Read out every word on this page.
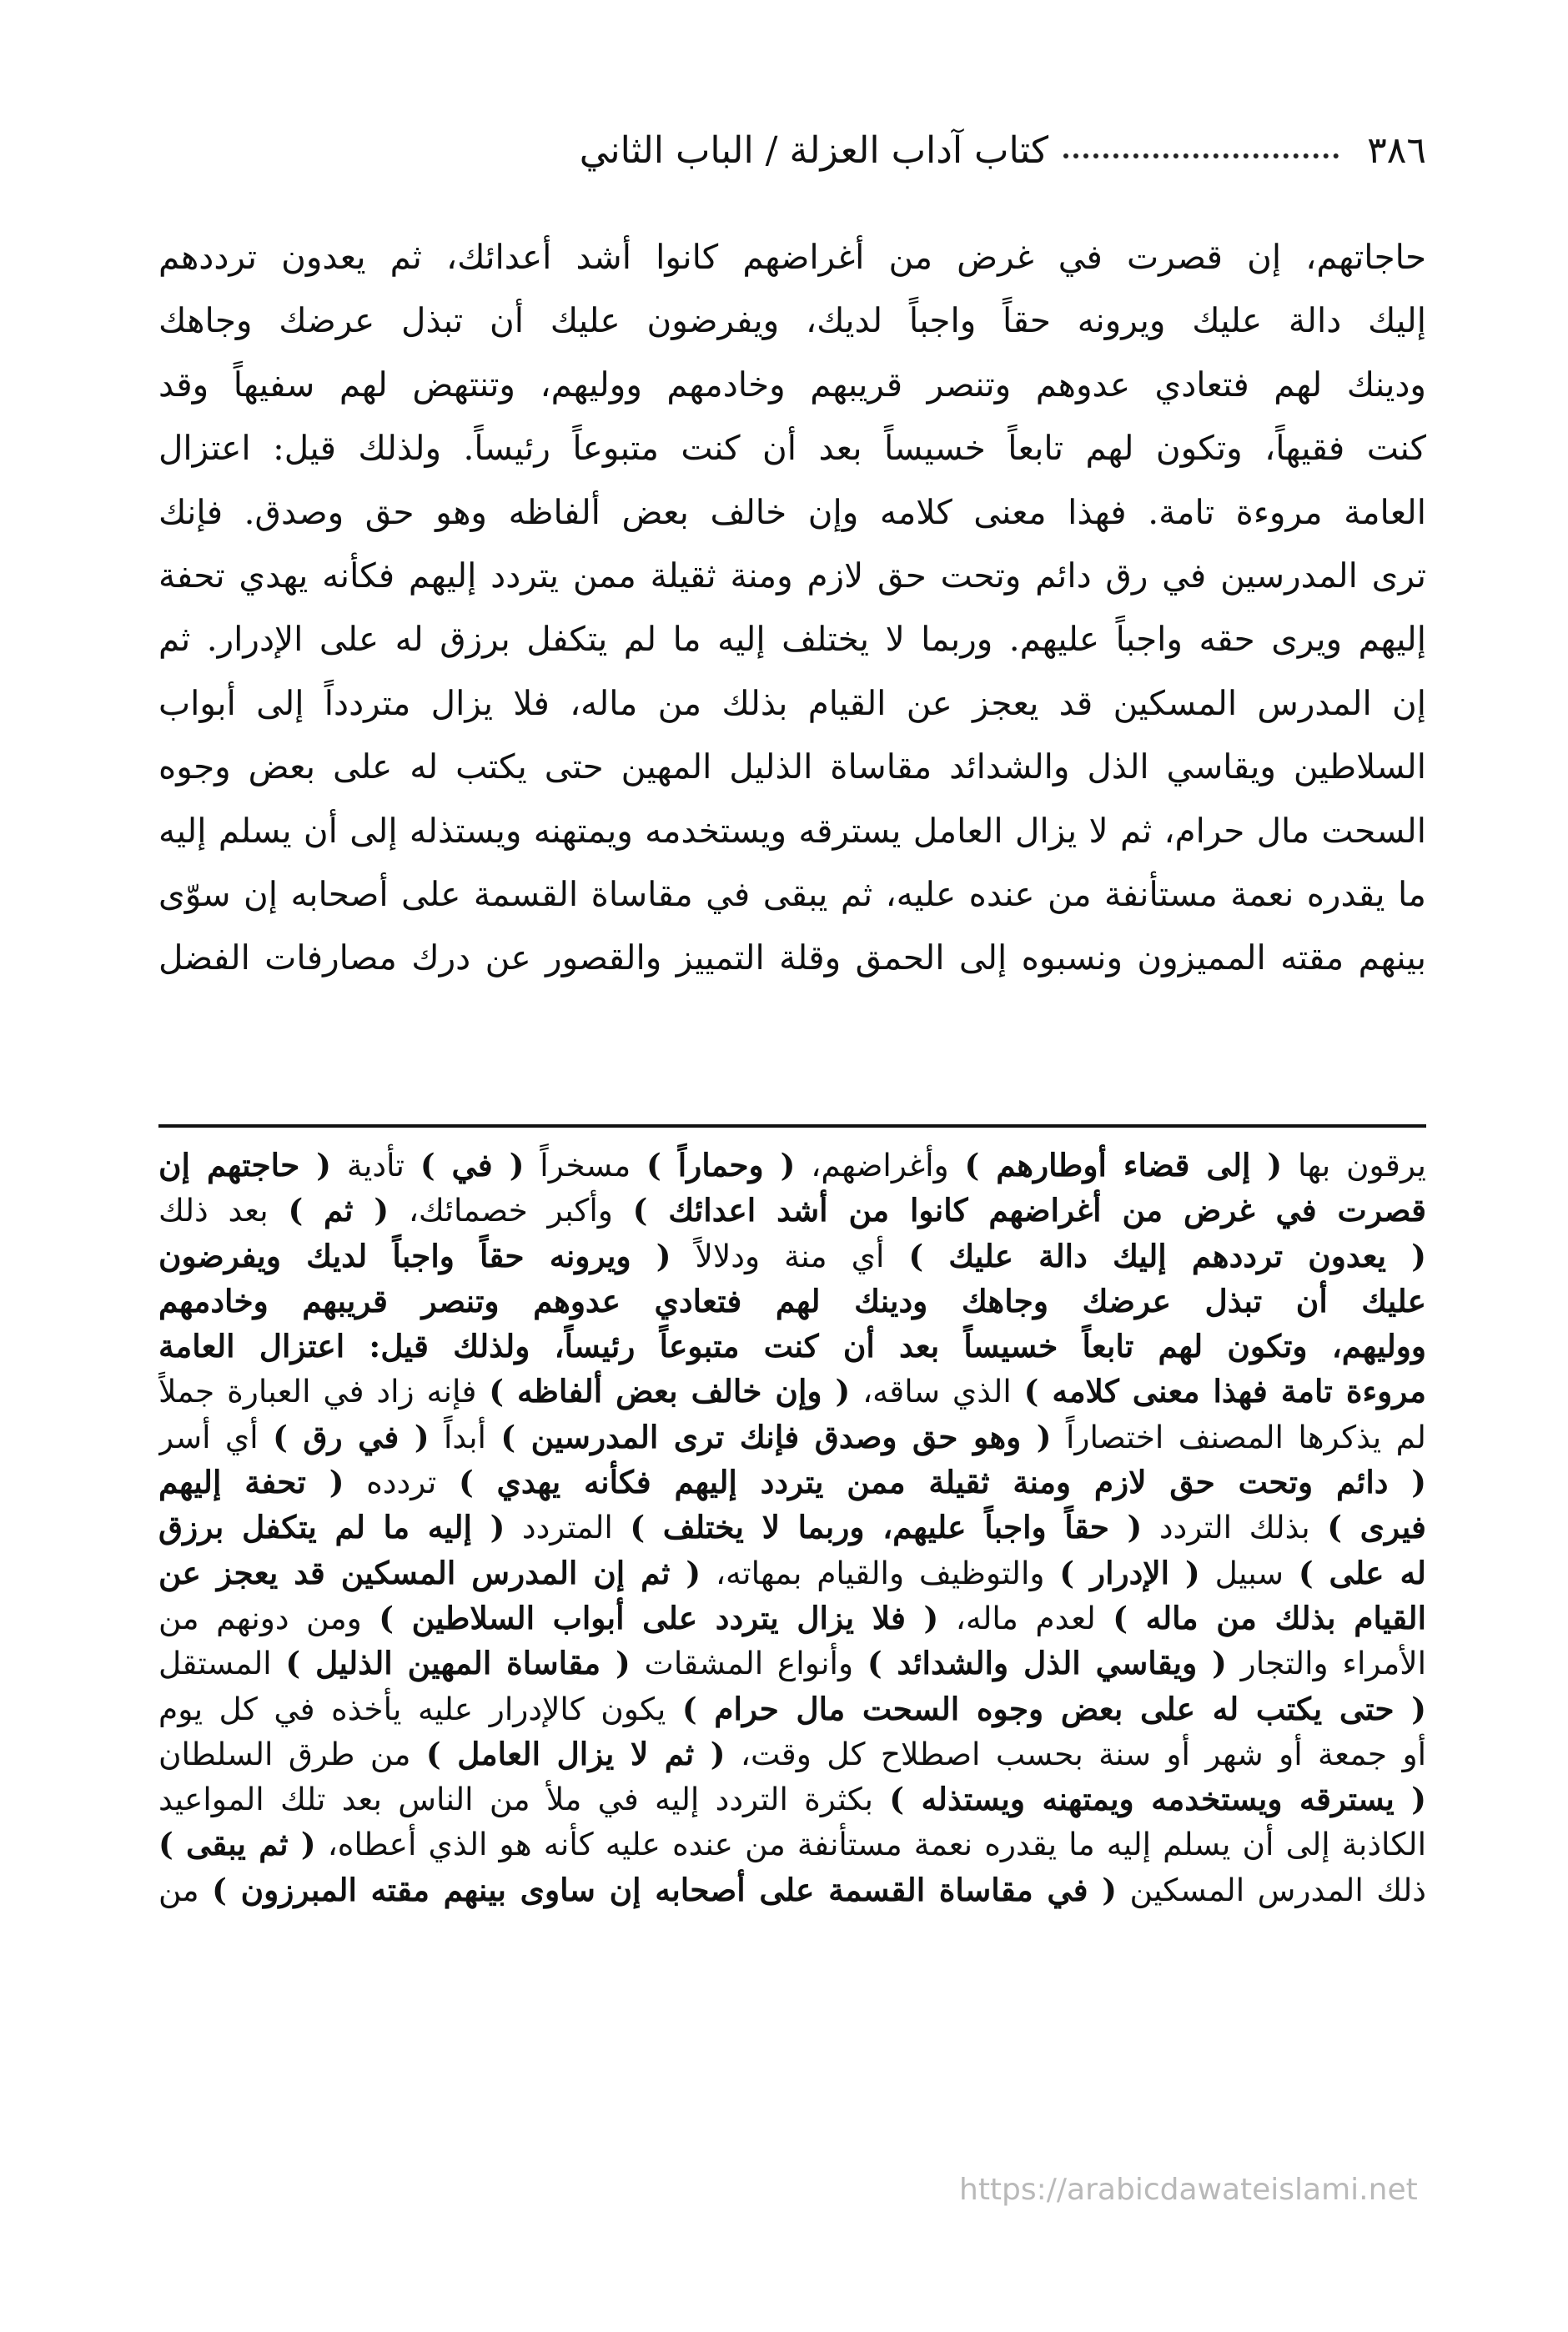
٣٨٦
كتاب آداب العزلة / الباب الثاني
حاجاتهم، إن قصرت في غرض من أغراضهم كانوا أشد أعدائك، ثم يعدون ترددهم
إليك دالة عليك ويرونه حقاً واجباً لديك، ويفرضون عليك أن تبذل عرضك وجاهك
ودينك لهم فتعادي عدوهم وتنصر قريبهم وخادمهم ووليهم، وتنتهض لهم سفيهاً وقد
كنت فقيهاً، وتكون لهم تابعاً خسيساً بعد أن كنت متبوعاً رئيساً. ولذلك قيل: اعتزال
العامة مروءة تامة. فهذا معنى كلامه وإن خالف بعض ألفاظه وهو حق وصدق. فإنك
ترى المدرسين في رق دائم وتحت حق لازم ومنة ثقيلة ممن يتردد إليهم فكأنه يهدي تحفة
إليهم ويرى حقه واجباً عليهم. وربما لا يختلف إليه ما لم يتكفل برزق له على الإدرار. ثم
إن المدرس المسكين قد يعجز عن القيام بذلك من ماله، فلا يزال متردداً إلى أبواب
السلاطين ويقاسي الذل والشدائد مقاساة الذليل المهين حتى يكتب له على بعض وجوه
السحت مال حرام، ثم لا يزال العامل يسترقه ويستخدمه ويمتهنه ويستذله إلى أن يسلم إليه
ما يقدره نعمة مستأنفة من عنده عليه، ثم يبقى في مقاساة القسمة على أصحابه إن سوّى
بينهم مقته المميزون ونسبوه إلى الحمق وقلة التمييز والقصور عن درك مصارفات الفضل
يرقون بها ( إلى قضاء أوطارهم ) وأغراضهم، ( وحماراً ) مسخراً ( في ) تأدية ( حاجتهم إن
قصرت في غرض من أغراضهم كانوا من أشد اعدائك ) وأكبر خصمائك، ( ثم ) بعد ذلك
( يعدون ترددهم إليك دالة عليك ) أي منة ودلالاً ( ويرونه حقاً واجباً لديك ويفرضون
عليك أن تبذل عرضك وجاهك ودينك لهم فتعادي عدوهم وتنصر قريبهم وخادمهم
ووليهم، وتكون لهم تابعاً خسيساً بعد أن كنت متبوعاً رئيساً، ولذلك قيل: اعتزال العامة
مروءة تامة فهذا معنى كلامه ) الذي ساقه، ( وإن خالف بعض ألفاظه ) فإنه زاد في العبارة جملاً
لم يذكرها المصنف اختصاراً ( وهو حق وصدق فإنك ترى المدرسين ) أبداً ( في رق ) أي أسر
( دائم وتحت حق لازم ومنة ثقيلة ممن يتردد إليهم فكأنه يهدي ) تردده ( تحفة إليهم
فيرى ) بذلك التردد ( حقاً واجباً عليهم، وربما لا يختلف ) المتردد ( إليه ما لم يتكفل برزق
له على ) سبيل ( الإدرار ) والتوظيف والقيام بمهاته، ( ثم إن المدرس المسكين قد يعجز عن
القيام بذلك من ماله ) لعدم ماله، ( فلا يزال يتردد على أبواب السلاطين ) ومن دونهم من
الأمراء والتجار ( ويقاسي الذل والشدائد ) وأنواع المشقات ( مقاساة المهين الذليل ) المستقل
( حتى يكتب له على بعض وجوه السحت مال حرام ) يكون كالإدرار عليه يأخذه في كل يوم
أو جمعة أو شهر أو سنة بحسب اصطلاح كل وقت، ( ثم لا يزال العامل ) من طرق السلطان
( يسترقه ويستخدمه ويمتهنه ويستذله ) بكثرة التردد إليه في ملأ من الناس بعد تلك المواعيد
الكاذبة إلى أن يسلم إليه ما يقدره نعمة مستأنفة من عنده عليه كأنه هو الذي أعطاه، ( ثم يبقى )
ذلك المدرس المسكين ( في مقاساة القسمة على أصحابه إن ساوى بينهم مقته المبرزون ) من
https://arabicdawateislami.net
